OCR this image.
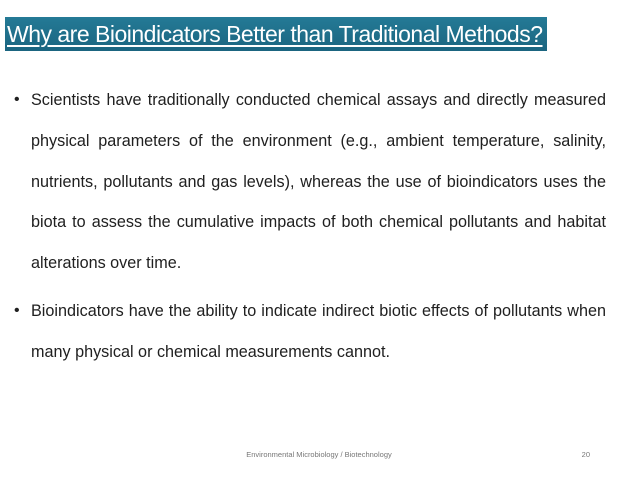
Why are Bioindicators Better than Traditional Methods?
• Scientists have traditionally conducted chemical assays and directly measured physical parameters of the environment (e.g., ambient temperature, salinity, nutrients, pollutants and gas levels), whereas the use of bioindicators uses the biota to assess the cumulative impacts of both chemical pollutants and habitat alterations over time.
• Bioindicators have the ability to indicate indirect biotic effects of pollutants when many physical or chemical measurements cannot.
Environmental Microbiology / Biotechnology	20
